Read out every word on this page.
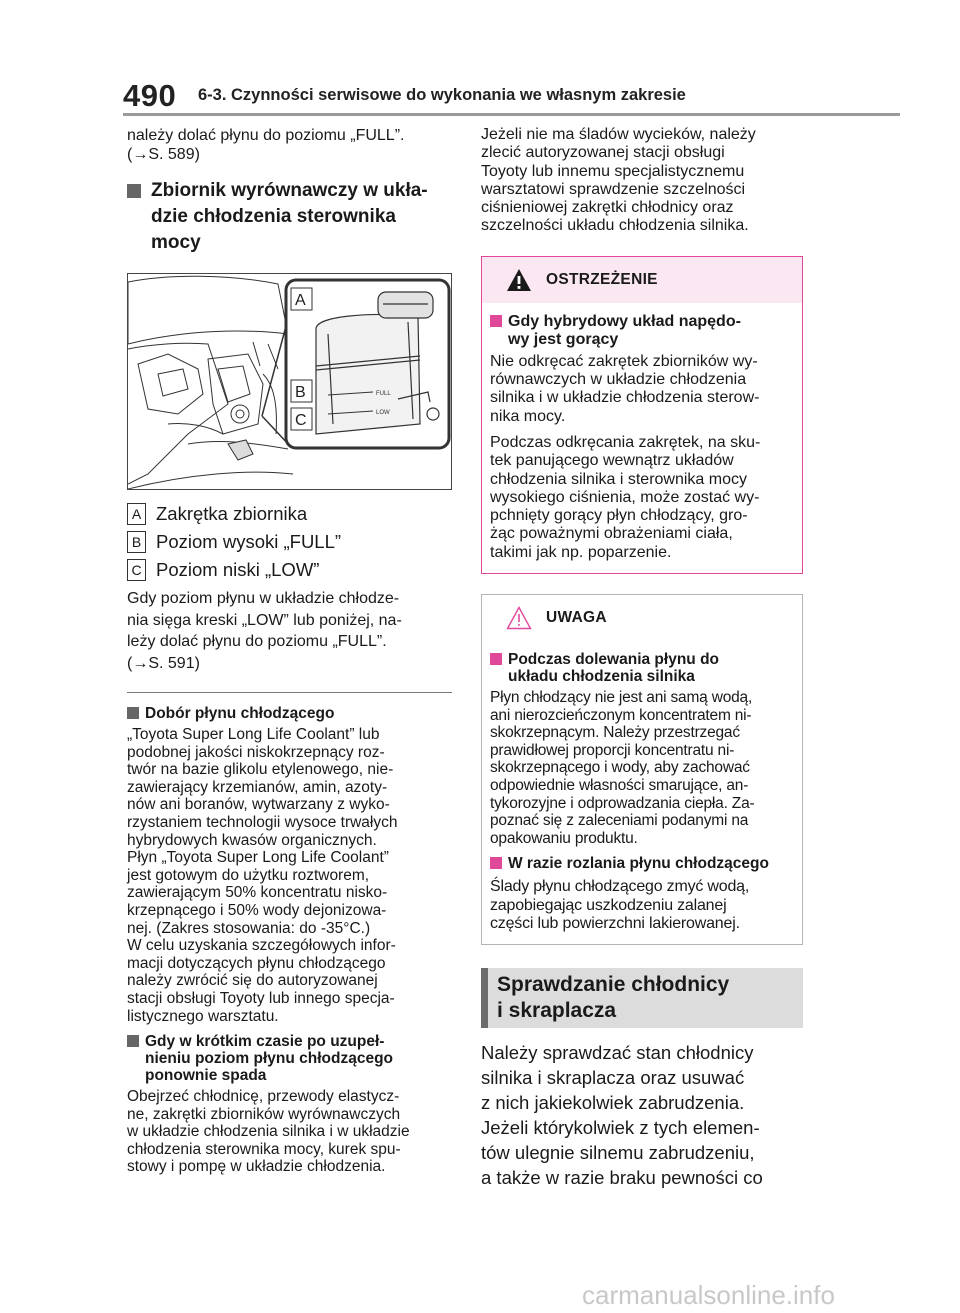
490 6-3. Czynności serwisowe do wykonania we własnym zakresie
należy dolać płynu do poziomu „FULL”.
(→S. 589)
Zbiornik wyrównawczy w ukła-
dzie chłodzenia sterownika
mocy
FULL
LOW
A
B
C
A Zakrętka zbiornika
B Poziom wysoki „FULL”
C Poziom niski „LOW”
Gdy poziom płynu w układzie chłodze-
nia sięga kreski „LOW” lub poniżej, na-
leży dolać płynu do poziomu „FULL”.
(→S. 591)
Dobór płynu chłodzącego
„Toyota Super Long Life Coolant” lub
podobnej jakości niskokrzepnący roz-
twór na bazie glikolu etylenowego, nie-
zawierający krzemianów, amin, azoty-
nów ani boranów, wytwarzany z wyko-
rzystaniem technologii wysoce trwałych
hybrydowych kwasów organicznych.
Płyn „Toyota Super Long Life Coolant”
jest gotowym do użytku roztworem,
zawierającym 50% koncentratu nisko-
krzepnącego i 50% wody dejonizowa-
nej. (Zakres stosowania: do -35°C.)
W celu uzyskania szczegółowych infor-
macji dotyczących płynu chłodzącego
należy zwrócić się do autoryzowanej
stacji obsługi Toyoty lub innego specja-
listycznego warsztatu.
Gdy w krótkim czasie po uzupeł-
nieniu poziom płynu chłodzącego
ponownie spada
Obejrzeć chłodnicę, przewody elastycz-
ne, zakrętki zbiorników wyrównawczych
w układzie chłodzenia silnika i w układzie
chłodzenia sterownika mocy, kurek spu-
stowy i pompę w układzie chłodzenia.
Jeżeli nie ma śladów wycieków, należy
zlecić autoryzowanej stacji obsługi
Toyoty lub innemu specjalistycznemu
warsztatowi sprawdzenie szczelności
ciśnieniowej zakrętki chłodnicy oraz
szczelności układu chłodzenia silnika.
OSTRZEŻENIE
Gdy hybrydowy układ napędo-
wy jest gorący
Nie odkręcać zakrętek zbiorników wy-
równawczych w układzie chłodzenia
silnika i w układzie chłodzenia sterow-
nika mocy.
Podczas odkręcania zakrętek, na sku-
tek panującego wewnątrz układów
chłodzenia silnika i sterownika mocy
wysokiego ciśnienia, może zostać wy-
pchnięty gorący płyn chłodzący, gro-
żąc poważnymi obrażeniami ciała,
takimi jak np. poparzenie.
UWAGA
Podczas dolewania płynu do
układu chłodzenia silnika
Płyn chłodzący nie jest ani samą wodą,
ani nierozcieńczonym koncentratem ni-
skokrzepnącym. Należy przestrzegać
prawidłowej proporcji koncentratu ni-
skokrzepnącego i wody, aby zachować
odpowiednie własności smarujące, an-
tykorozyjne i odprowadzania ciepła. Za-
poznać się z zaleceniami podanymi na
opakowaniu produktu.
W razie rozlania płynu chłodzącego
Ślady płynu chłodzącego zmyć wodą,
zapobiegając uszkodzeniu zalanej
części lub powierzchni lakierowanej.
Sprawdzanie chłodnicy
i skraplacza
Należy sprawdzać stan chłodnicy
silnika i skraplacza oraz usuwać
z nich jakiekolwiek zabrudzenia.
Jeżeli którykolwiek z tych elemen-
tów ulegnie silnemu zabrudzeniu,
a także w razie braku pewności co
carmanualsonline.info
